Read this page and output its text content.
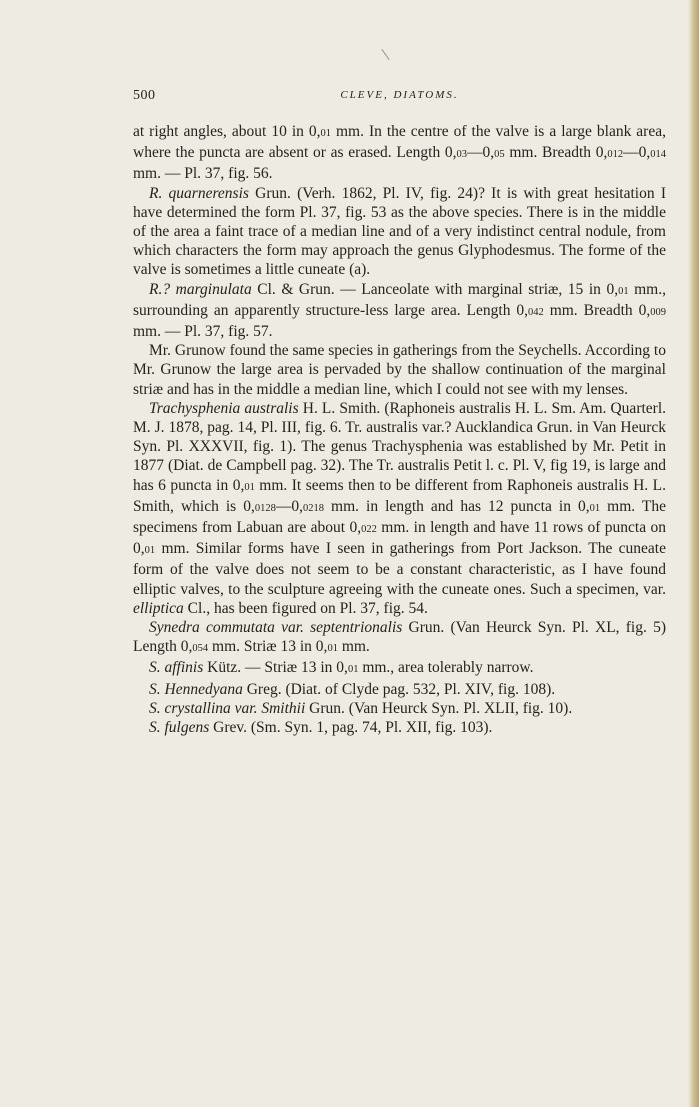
500	CLEVE, DIATOMS.

at right angles, about 10 in 0,01 mm. In the centre of the valve is a large blank area, where the puncta are absent or as erased. Length 0,03—0,05 mm. Breadth 0,012—0,014 mm. — Pl. 37, fig. 56.

R. quarnerensis Grun. (Verh. 1862, Pl. IV, fig. 24)? It is with great hesitation I have determined the form Pl. 37, fig. 53 as the above species. There is in the middle of the area a faint trace of a median line and of a very indistinct central nodule, from which characters the form may approach the genus Glyphodesmus. The forme of the valve is sometimes a little cuneate (a).

R.? marginulata Cl. & Grun. — Lanceolate with marginal striæ, 15 in 0,01 mm., surrounding an apparently structure-less large area. Length 0,042 mm. Breadth 0,009 mm. — Pl. 37, fig. 57.

Mr. Grunow found the same species in gatherings from the Seychells. According to Mr. Grunow the large area is pervaded by the shallow continuation of the marginal striæ and has in the middle a median line, which I could not see with my lenses.

Trachysphenia australis H. L. Smith. (Raphoneis australis H. L. Sm. Am. Quarterl. M. J. 1878, pag. 14, Pl. III, fig. 6. Tr. australis var.? Aucklandica Grun. in Van Heurck Syn. Pl. XXXVII, fig. 1). The genus Trachysphenia was established by Mr. Petit in 1877 (Diat. de Campbell pag. 32). The Tr. australis Petit l. c. Pl. V, fig 19, is large and has 6 puncta in 0,01 mm. It seems then to be different from Raphoneis australis H. L. Smith, which is 0,0128—0,0218 mm. in length and has 12 puncta in 0,01 mm. The specimens from Labuan are about 0,022 mm. in length and have 11 rows of puncta on 0,01 mm. Similar forms have I seen in gatherings from Port Jackson. The cuneate form of the valve does not seem to be a constant characteristic, as I have found elliptic valves, to the sculpture agreeing with the cuneate ones. Such a specimen, var. elliptica Cl., has been figured on Pl. 37, fig. 54.

Synedra commutata var. septentrionalis Grun. (Van Heurck Syn. Pl. XL, fig. 5) Length 0,054 mm. Striæ 13 in 0,01 mm.

S. affinis Kütz. — Striæ 13 in 0,01 mm., area tolerably narrow.

S. Hennedyana Greg. (Diat. of Clyde pag. 532, Pl. XIV, fig. 108).

S. crystallina var. Smithii Grun. (Van Heurck Syn. Pl. XLII, fig. 10).

S. fulgens Grev. (Sm. Syn. 1, pag. 74, Pl. XII, fig. 103).
